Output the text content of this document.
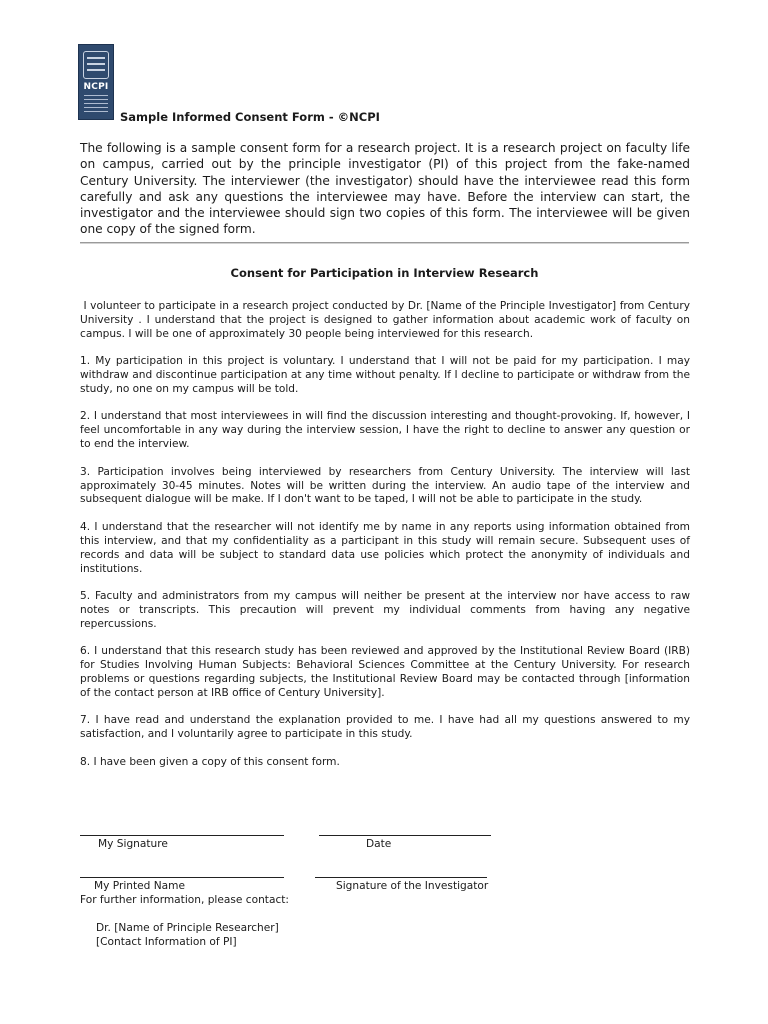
NCPI
Sample Informed Consent Form - ©NCPI
The following is a sample consent form for a research project. It is a research project on faculty life on campus, carried out by the principle investigator (PI) of this project from the fake-named Century University. The interviewer (the investigator) should have the interviewee read this form carefully and ask any questions the interviewee may have. Before the interview can start, the investigator and the interviewee should sign two copies of this form. The interviewee will be given one copy of the signed form.
Consent for Participation in Interview Research

I volunteer to participate in a research project conducted by Dr. [Name of the Principle Investigator] from Century University . I understand that the project is designed to gather information about academic work of faculty on campus. I will be one of approximately 30 people being interviewed for this research.

1. My participation in this project is voluntary. I understand that I will not be paid for my participation. I may withdraw and discontinue participation at any time without penalty. If I decline to participate or withdraw from the study, no one on my campus will be told.

2. I understand that most interviewees in will find the discussion interesting and thought-provoking. If, however, I feel uncomfortable in any way during the interview session, I have the right to decline to answer any question or to end the interview.

3. Participation involves being interviewed by researchers from Century University. The interview will last approximately 30-45 minutes. Notes will be written during the interview. An audio tape of the interview and subsequent dialogue will be make. If I don't want to be taped, I will not be able to participate in the study.

4. I understand that the researcher will not identify me by name in any reports using information obtained from this interview, and that my confidentiality as a participant in this study will remain secure. Subsequent uses of records and data will be subject to standard data use policies which protect the anonymity of individuals and institutions.

5. Faculty and administrators from my campus will neither be present at the interview nor have access to raw notes or transcripts. This precaution will prevent my individual comments from having any negative repercussions.

6. I understand that this research study has been reviewed and approved by the Institutional Review Board (IRB) for Studies Involving Human Subjects: Behavioral Sciences Committee at the Century University. For research problems or questions regarding subjects, the Institutional Review Board may be contacted through [information of the contact person at IRB office of Century University].

7. I have read and understand the explanation provided to me. I have had all my questions answered to my satisfaction, and I voluntarily agree to participate in this study.

8. I have been given a copy of this consent form.

My Signature	Date
My Printed Name	Signature of the Investigator
For further information, please contact:
Dr. [Name of Principle Researcher]
[Contact Information of PI]
